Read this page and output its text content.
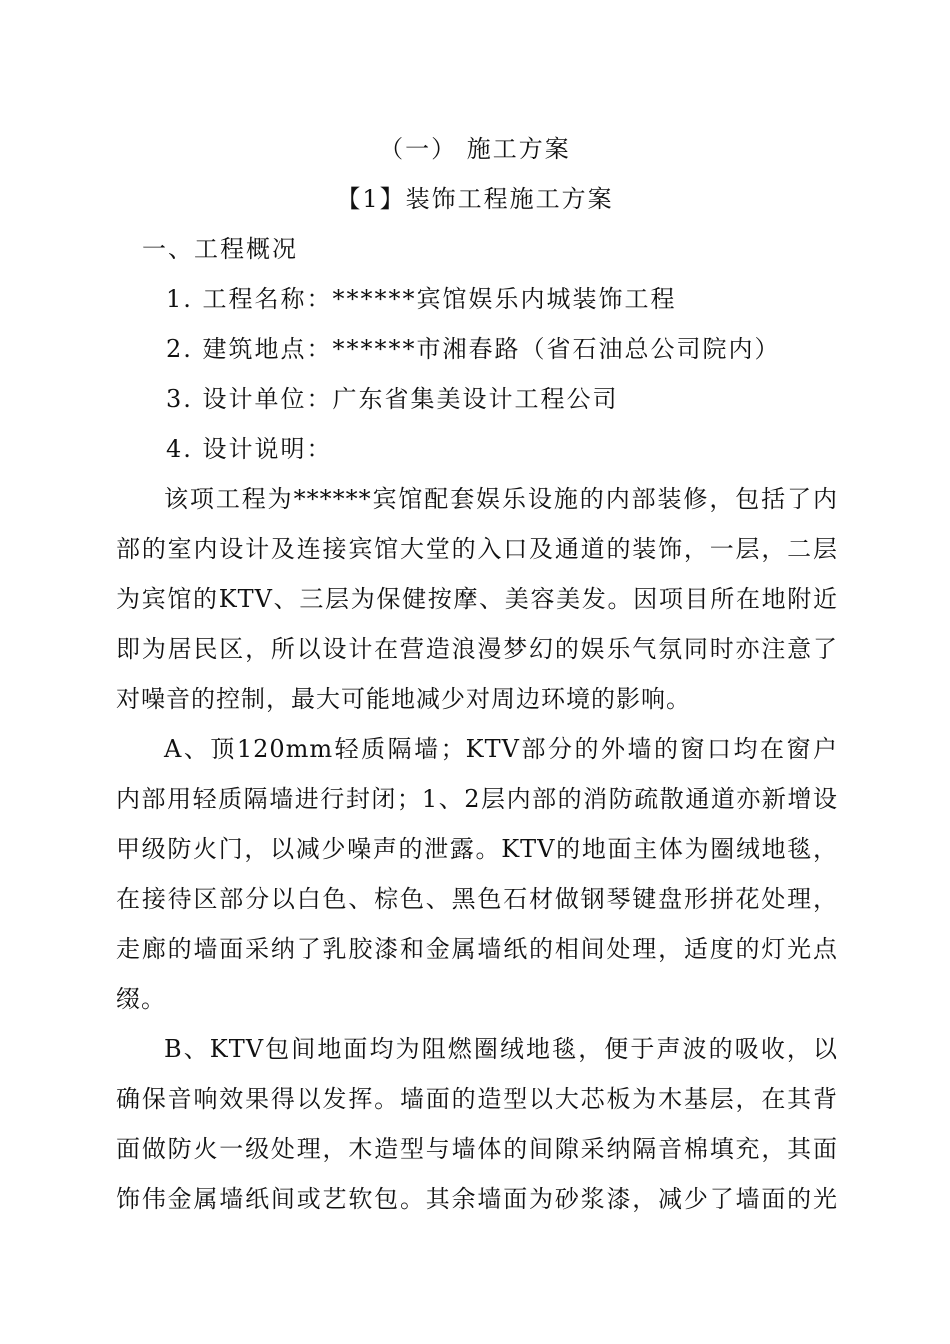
（一） 施工方案
【1】装饰工程施工方案
一、工程概况
1. 工程名称：******宾馆娱乐内城装饰工程
2. 建筑地点：******市湘春路（省石油总公司院内）
3. 设计单位：广东省集美设计工程公司
4. 设计说明：
该项工程为******宾馆配套娱乐设施的内部装修，包括了内
部的室内设计及连接宾馆大堂的入口及通道的装饰，一层，二层
为宾馆的KTV、三层为保健按摩、美容美发。因项目所在地附近
即为居民区，所以设计在营造浪漫梦幻的娱乐气氛同时亦注意了
对噪音的控制，最大可能地减少对周边环境的影响。
A、顶120mm轻质隔墙；KTV部分的外墙的窗口均在窗户
内部用轻质隔墙进行封闭；1、2层内部的消防疏散通道亦新增设
甲级防火门，以减少噪声的泄露。KTV的地面主体为圈绒地毯，
在接待区部分以白色、棕色、黑色石材做钢琴键盘形拼花处理，
走廊的墙面采纳了乳胶漆和金属墙纸的相间处理，适度的灯光点
缀。
B、KTV包间地面均为阻燃圈绒地毯，便于声波的吸收，以
确保音响效果得以发挥。墙面的造型以大芯板为木基层，在其背
面做防火一级处理，木造型与墙体的间隙采纳隔音棉填充，其面
饰伟金属墙纸间或艺软包。其余墙面为砂浆漆，减少了墙面的光
